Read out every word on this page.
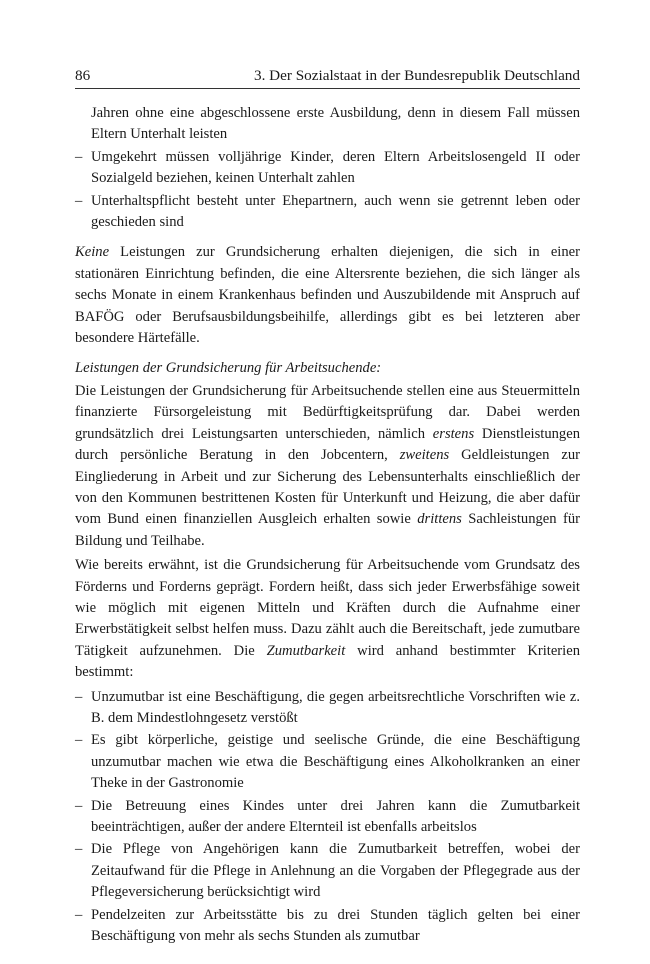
86	3. Der Sozialstaat in der Bundesrepublik Deutschland
Jahren ohne eine abgeschlossene erste Ausbildung, denn in diesem Fall müssen Eltern Unterhalt leisten
– Umgekehrt müssen volljährige Kinder, deren Eltern Arbeitslosengeld II oder Sozialgeld beziehen, keinen Unterhalt zahlen
– Unterhaltspflicht besteht unter Ehepartnern, auch wenn sie getrennt leben oder geschieden sind

Keine Leistungen zur Grundsicherung erhalten diejenigen, die sich in einer stationären Einrichtung befinden, die eine Altersrente beziehen, die sich länger als sechs Monate in einem Krankenhaus befinden und Auszubildende mit Anspruch auf BAFÖG oder Berufsausbildungsbeihilfe, allerdings gibt es bei letzteren aber besondere Härtefälle.

Leistungen der Grundsicherung für Arbeitsuchende:

Die Leistungen der Grundsicherung für Arbeitsuchende stellen eine aus Steuermitteln finanzierte Fürsorgeleistung mit Bedürftigkeitsprüfung dar. Dabei werden grundsätzlich drei Leistungsarten unterschieden, nämlich erstens Dienstleistungen durch persönliche Beratung in den Jobcentern, zweitens Geldleistungen zur Eingliederung in Arbeit und zur Sicherung des Lebensunterhalts einschließlich der von den Kommunen bestrittenen Kosten für Unterkunft und Heizung, die aber dafür vom Bund einen finanziellen Ausgleich erhalten sowie drittens Sachleistungen für Bildung und Teilhabe.

Wie bereits erwähnt, ist die Grundsicherung für Arbeitsuchende vom Grundsatz des Förderns und Forderns geprägt. Fordern heißt, dass sich jeder Erwerbsfähige soweit wie möglich mit eigenen Mitteln und Kräften durch die Aufnahme einer Erwerbstätigkeit selbst helfen muss. Dazu zählt auch die Bereitschaft, jede zumutbare Tätigkeit aufzunehmen. Die Zumutbarkeit wird anhand bestimmter Kriterien bestimmt:

– Unzumutbar ist eine Beschäftigung, die gegen arbeitsrechtliche Vorschriften wie z. B. dem Mindestlohngesetz verstößt
– Es gibt körperliche, geistige und seelische Gründe, die eine Beschäftigung unzumutbar machen wie etwa die Beschäftigung eines Alkoholkranken an einer Theke in der Gastronomie
– Die Betreuung eines Kindes unter drei Jahren kann die Zumutbarkeit beeinträchtigen, außer der andere Elternteil ist ebenfalls arbeitslos
– Die Pflege von Angehörigen kann die Zumutbarkeit betreffen, wobei der Zeitaufwand für die Pflege in Anlehnung an die Vorgaben der Pflegegrade aus der Pflegeversicherung berücksichtigt wird
– Pendelzeiten zur Arbeitsstätte bis zu drei Stunden täglich gelten bei einer Beschäftigung von mehr als sechs Stunden als zumutbar
